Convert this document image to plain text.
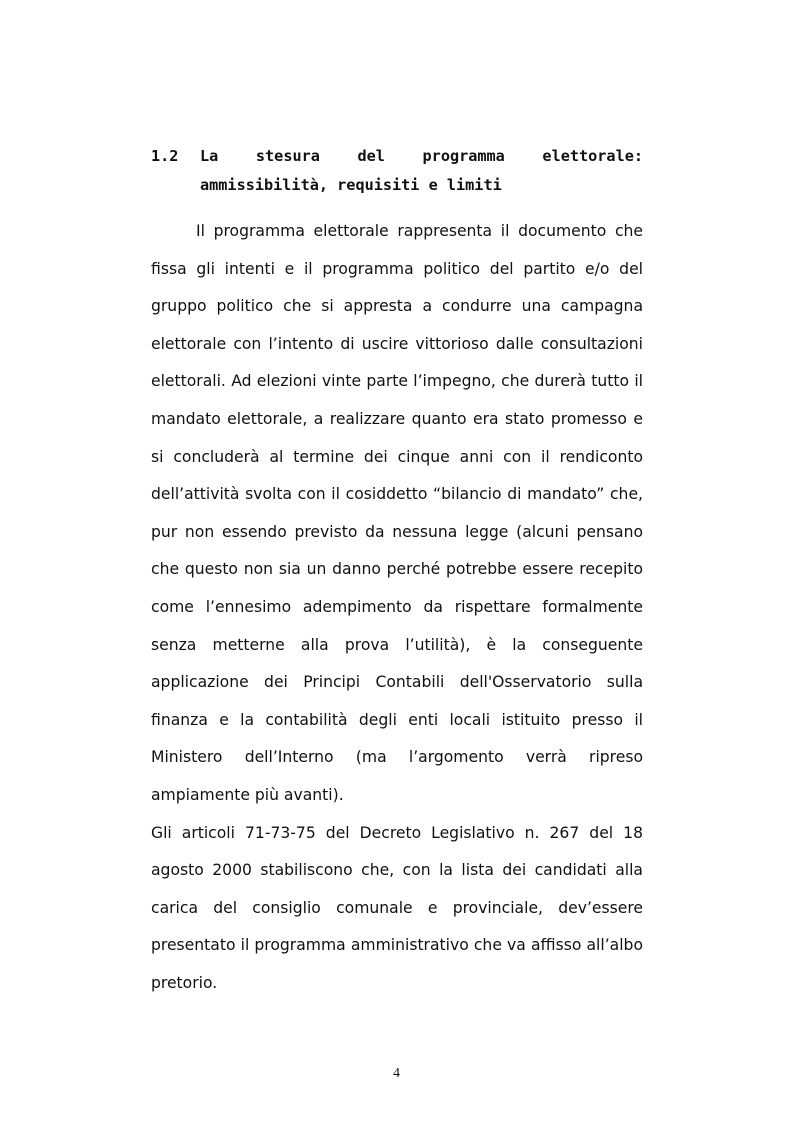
1.2 La stesura del programma elettorale: ammissibilità, requisiti e limiti

Il programma elettorale rappresenta il documento che fissa gli intenti e il programma politico del partito e/o del gruppo politico che si appresta a condurre una campagna elettorale con l’intento di uscire vittorioso dalle consultazioni elettorali. Ad elezioni vinte parte l’impegno, che durerà tutto il mandato elettorale, a realizzare quanto era stato promesso e si concluderà al termine dei cinque anni con il rendiconto dell’attività svolta con il cosiddetto “bilancio di mandato” che, pur non essendo previsto da nessuna legge (alcuni pensano che questo non sia un danno perché potrebbe essere recepito come l’ennesimo adempimento da rispettare formalmente senza metterne alla prova l’utilità), è la conseguente applicazione dei Principi Contabili dell'Osservatorio sulla finanza e la contabilità degli enti locali istituito presso il Ministero dell’Interno (ma l’argomento verrà ripreso ampiamente più avanti).

Gli articoli 71-73-75 del Decreto Legislativo n. 267 del 18 agosto 2000 stabiliscono che, con la lista dei candidati alla carica del consiglio comunale e provinciale, dev’essere presentato il programma amministrativo che va affisso all’albo pretorio.

4
